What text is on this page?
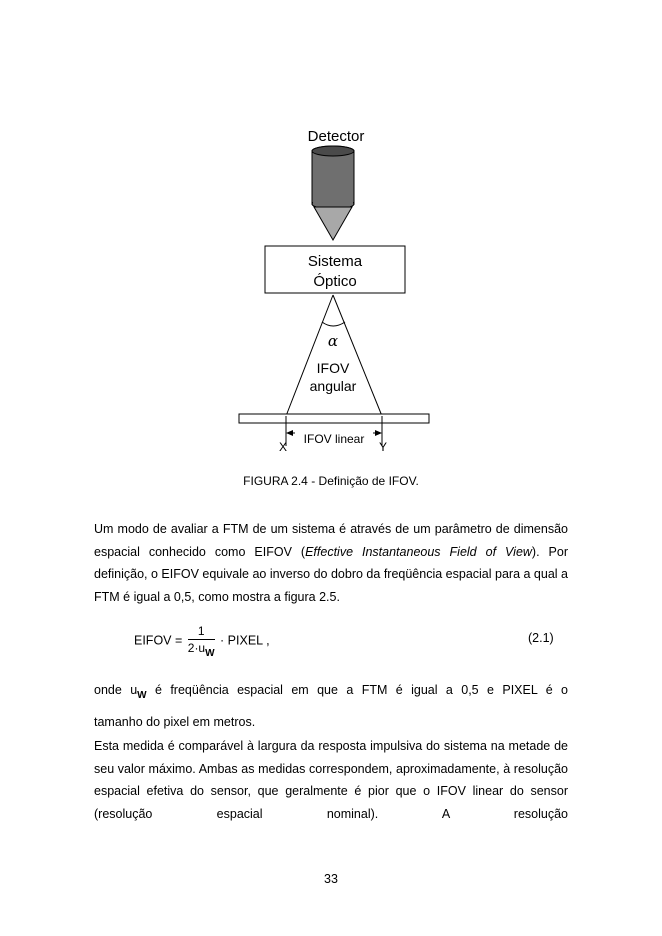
Detector
Sistema
Óptico
α
IFOV
angular
IFOV linear
X	Y
FIGURA 2.4 - Definição de IFOV.
Um modo de avaliar a FTM de um sistema é através de um parâmetro de dimensão espacial conhecido como EIFOV (Effective Instantaneous Field of View). Por definição, o EIFOV equivale ao inverso do dobro da freqüência espacial para a qual a FTM é igual a 0,5, como mostra a figura 2.5.
EIFOV = $\frac{1}{2\cdot u_W}$ · PIXEL ,	(2.1)
onde $u_W$ é freqüência espacial em que a FTM é igual a 0,5 e PIXEL é o
tamanho do pixel em metros.
Esta medida é comparável à largura da resposta impulsiva do sistema na metade de seu valor máximo. Ambas as medidas correspondem, aproximadamente, à resolução espacial efetiva do sensor, que geralmente é pior que o IFOV linear do sensor (resolução espacial nominal). A resolução
33
